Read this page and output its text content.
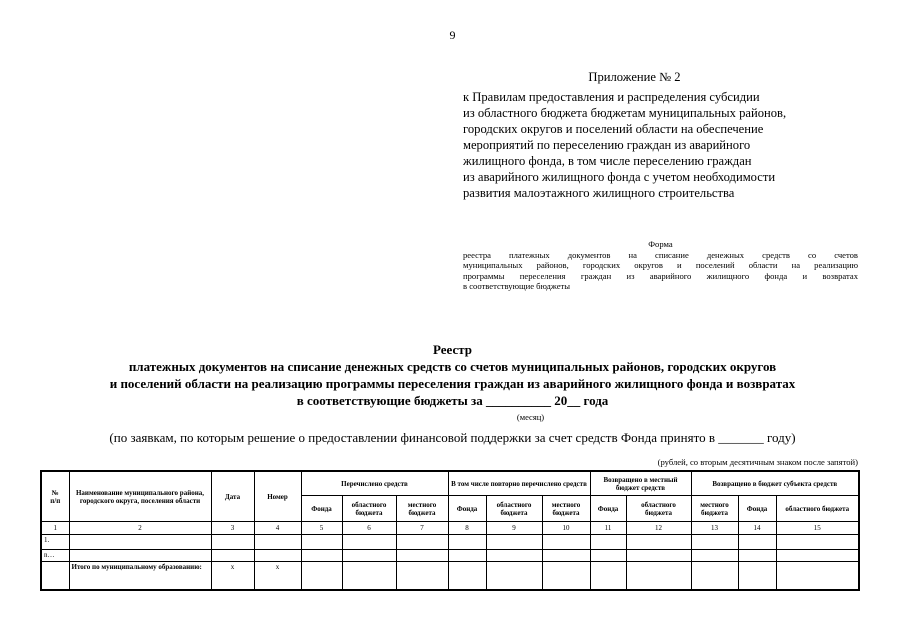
9
Приложение № 2
к Правилам предоставления и распределения субсидии
из областного бюджета бюджетам муниципальных районов,
городских округов и поселений области на обеспечение
мероприятий по переселению граждан из аварийного
жилищного фонда, в том числе переселению граждан
из аварийного жилищного фонда с учетом необходимости
развития малоэтажного жилищного строительства
Форма
реестра платежных документов на списание денежных средств со счетов
муниципальных районов, городских округов и поселений области на реализацию
программы переселения граждан из аварийного жилищного фонда и возвратах
в соответствующие бюджеты
Реестр
платежных документов на списание денежных средств со счетов муниципальных районов, городских округов
и поселений области на реализацию программы переселения граждан из аварийного жилищного фонда и возвратах
в соответствующие бюджеты за __________ 20__ года
(месяц)
(по заявкам, по которым решение о предоставлении финансовой поддержки за счет средств Фонда принято в _______ году)
(рублей, со вторым десятичным знаком после запятой)
№ п/п	Наименование муниципального района, городского округа, поселения области	Дата	Номер	Перечислено средств			В том числе повторно перечислено средств			Возвращено в местный бюджет средств		Возвращено в бюджет субъекта средств		
				Фонда	областного бюджета	местного бюджета	Фонда	областного бюджета	местного бюджета	Фонда	областного бюджета	местного бюджета	Фонда	областного бюджета
1	2	3	4	5	6	7	8	9	10	11	12	13	14	15
1.														
n…														
	Итого по муниципальному образованию:	х	х											
